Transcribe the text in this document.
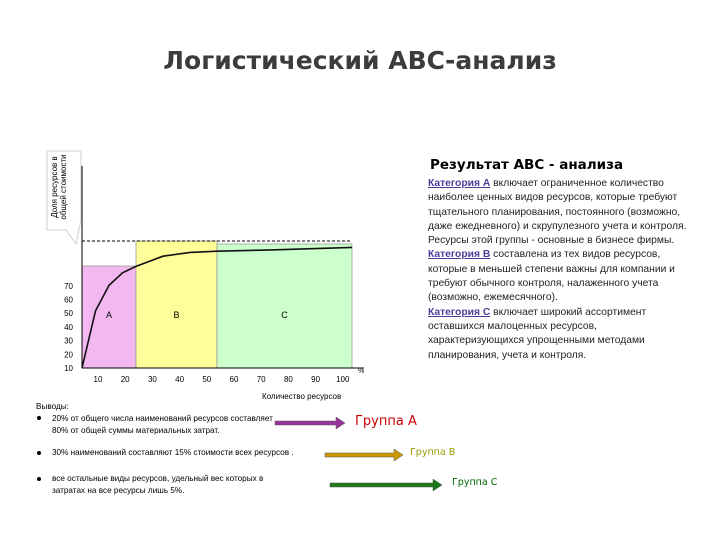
Логистический АВС-анализ
Доля ресурсов в общей стоимости
A	B	C
10 20 30 40 50 60 70 80 90 100
10
20
30
40
50
60
70
%
Количество ресурсов
Результат АВС - анализа
Категория А включает ограниченное количество наиболее ценных видов ресурсов, которые требуют тщательного планирования, постоянного (возможно, даже ежедневного) и скрупулезного учета и контроля. Ресурсы этой группы - основные в бизнесе фирмы.
Категория В составлена из тех видов ресурсов, которые в меньшей степени важны для компании и требуют обычного контроля, налаженного учета (возможно, ежемесячного).
Категория С включает широкий ассортимент оставшихся малоценных ресурсов, характеризующихся упрощенными методами планирования, учета и контроля.
Выводы:
20% от общего числа наименований ресурсов составляет
80% от общей суммы материальных затрат.
30% наименований составляют 15% стоимости всех ресурсов .
все остальные виды ресурсов, удельный вес которых в
затратах на все ресурсы лишь 5%.
Группа А
Группа В
Группа С
